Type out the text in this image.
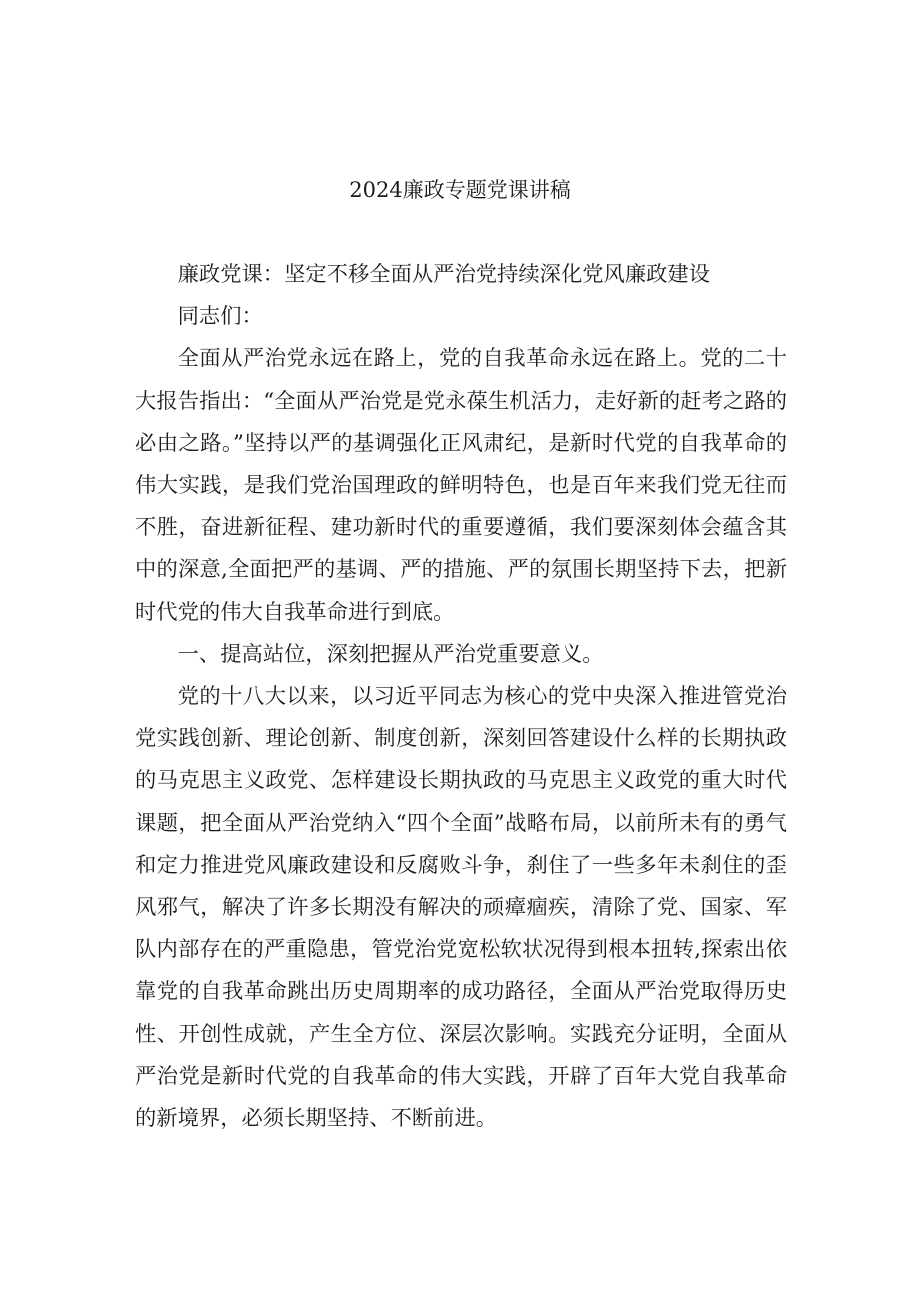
2024廉政专题党课讲稿

廉政党课：坚定不移全面从严治党持续深化党风廉政建设

同志们：

全面从严治党永远在路上，党的自我革命永远在路上。党的二十大报告指出：“全面从严治党是党永葆生机活力，走好新的赶考之路的必由之路。”坚持以严的基调强化正风肃纪，是新时代党的自我革命的伟大实践，是我们党治国理政的鲜明特色，也是百年来我们党无往而不胜，奋进新征程、建功新时代的重要遵循，我们要深刻体会蕴含其中的深意,全面把严的基调、严的措施、严的氛围长期坚持下去，把新时代党的伟大自我革命进行到底。

一、提高站位，深刻把握从严治党重要意义。

党的十八大以来，以习近平同志为核心的党中央深入推进管党治党实践创新、理论创新、制度创新，深刻回答建设什么样的长期执政的马克思主义政党、怎样建设长期执政的马克思主义政党的重大时代课题，把全面从严治党纳入“四个全面”战略布局，以前所未有的勇气和定力推进党风廉政建设和反腐败斗争，刹住了一些多年未刹住的歪风邪气，解决了许多长期没有解决的顽瘴痼疾，清除了党、国家、军队内部存在的严重隐患，管党治党宽松软状况得到根本扭转,探索出依靠党的自我革命跳出历史周期率的成功路径，全面从严治党取得历史性、开创性成就，产生全方位、深层次影响。实践充分证明，全面从严治党是新时代党的自我革命的伟大实践，开辟了百年大党自我革命的新境界，必须长期坚持、不断前进。
